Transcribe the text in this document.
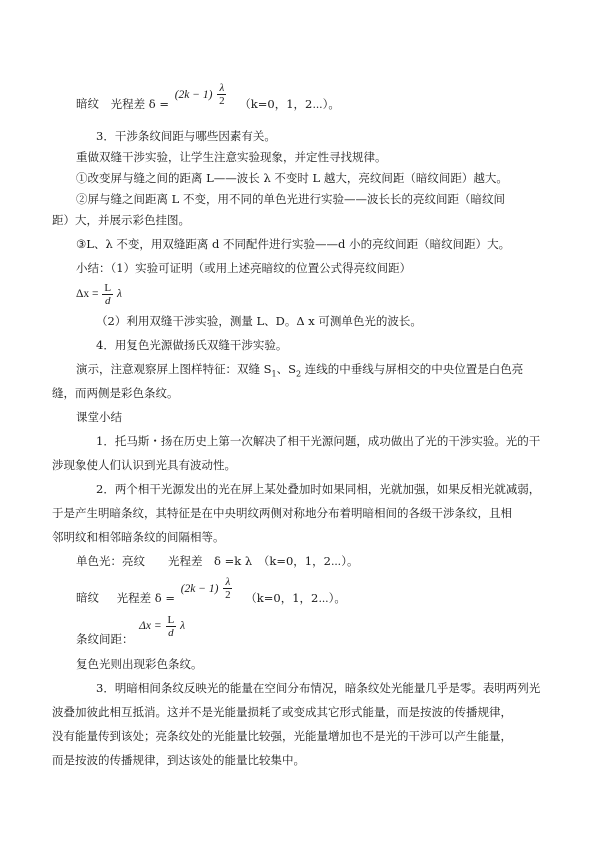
暗纹 光程差 $\delta = (2k - 1) \frac{\lambda}{2} (k=0$，1，2⋯）。
3．干涉条纹间距与哪些因素有关。
重做双缝干涉实验，让学生注意实验现象，并定性寻找规律。
①改变屏与缝之间的距离 L——波长 λ 不变时 L 越大，亮纹间距（暗纹间距）越大。
②屏与缝之间距离 L 不变，用不同的单色光进行实验——波长长的亮纹间距（暗纹间
距）大，并展示彩色挂图。
③L、λ 不变，用双缝距离 d 不同配件进行实验——d 小的亮纹间距（暗纹间距）大。
小结：（1）实验可证明（或用上述亮暗纹的位置公式得亮纹间距）
$\Delta x = \frac{L}{d}$ λ
（2）利用双缝干涉实验，测量 L、D。Δ x 可测单色光的波长。
4．用复色光源做扬氏双缝干涉实验。
演示，注意观察屏上图样特征：双缝 $S_1$、$S_2$ 连线的中垂线与屏相交的中央位置是白色亮
缝，而两侧是彩色条纹。
课堂小结
1．托马斯・扬在历史上第一次解决了相干光源问题，成功做出了光的干涉实验。光的干
涉现象使人们认识到光具有波动性。
2．两个相干光源发出的光在屏上某处叠加时如果同相，光就加强，如果反相光就减弱，
于是产生明暗条纹，其特征是在中央明纹两侧对称地分布着明暗相间的各级干涉条纹，且相
邻明纹和相邻暗条纹的间隔相等。
单色光：亮纹　　光程差　δ =k λ　（k=0，1，2⋯）。
暗纹 光程差 $\delta = (2k - 1) \frac{\lambda}{2} (k=0$，1，2⋯）。
条纹间距： $\Delta x = \frac{L}{d}$ λ
复色光则出现彩色条纹。
3．明暗相间条纹反映光的能量在空间分布情况，暗条纹处光能量几乎是零。表明两列光
波叠加彼此相互抵消。这并不是光能量损耗了或变成其它形式能量，而是按波的传播规律，
没有能量传到该处；亮条纹处的光能量比较强，光能量增加也不是光的干涉可以产生能量，
而是按波的传播规律，到达该处的能量比较集中。
